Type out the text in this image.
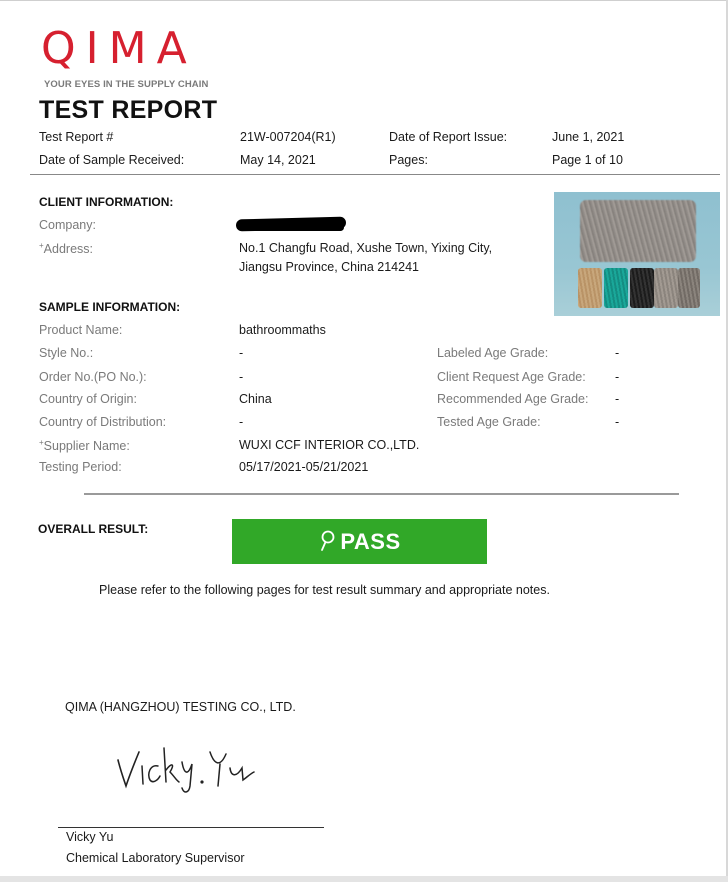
QIMA
YOUR EYES IN THE SUPPLY CHAIN
TEST REPORT
Test Report #	21W-007204(R1)	Date of Report Issue:	June 1, 2021
Date of Sample Received:	May 14, 2021	Pages:	Page 1 of 10
CLIENT INFORMATION:
Company:
+Address:	No.1 Changfu Road, Xushe Town, Yixing City,
Jiangsu Province, China 214241
SAMPLE INFORMATION:
Product Name:	bathroommaths
Style No.:	-
Order No.(PO No.):	-
Country of Origin:	China
Country of Distribution:	-
+Supplier Name:	WUXI CCF INTERIOR CO.,LTD.
Testing Period:	05/17/2021-05/21/2021
Labeled Age Grade:	-
Client Request Age Grade: -
Recommended Age Grade: -
Tested Age Grade:	-
OVERALL RESULT:	PASS
Please refer to the following pages for test result summary and appropriate notes.
QIMA (HANGZHOU) TESTING CO., LTD.
Vicky Yu
Chemical Laboratory Supervisor
